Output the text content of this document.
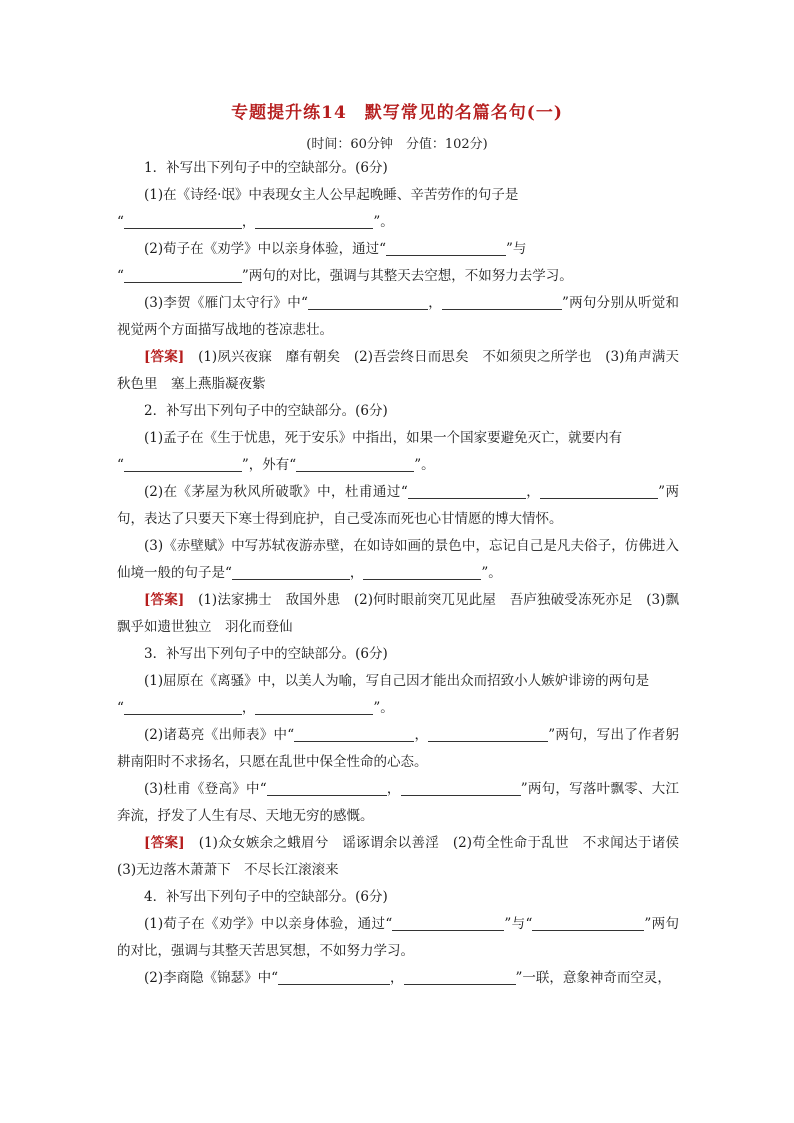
专题提升练14　默写常见的名篇名句(一)
(时间：60分钟　分值：102分)

1．补写出下列句子中的空缺部分。(6分)

(1)在《诗经·氓》中表现女主人公早起晚睡、辛苦劳作的句子是

“	，	”。

(2)荀子在《劝学》中以亲身体验，通过“	”与

“	”两句的对比，强调与其整天去空想，不如努力去学习。

(3)李贺《雁门太守行》中“	，	”两句分别从听觉和视觉两个方面描写战地的苍凉悲壮。

[答案]　 (1)夙兴夜寐　靡有朝矣　(2)吾尝终日而思矣　不如须臾之所学也　(3)角声满天秋色里　塞上燕脂凝夜紫

2．补写出下列句子中的空缺部分。(6分)

(1)孟子在《生于忧患，死于安乐》中指出，如果一个国家要避免灭亡，就要内有

“	”，外有“	”。

(2)在《茅屋为秋风所破歌》中，杜甫通过“	，	”两句，表达了只要天下寒士得到庇护，自己受冻而死也心甘情愿的博大情怀。

(3)《赤壁赋》中写苏轼夜游赤壁，在如诗如画的景色中，忘记自己是凡夫俗子，仿佛进入仙境一般的句子是“	，	”。

[答案]　 (1)法家拂士　敌国外患　(2)何时眼前突兀见此屋　吾庐独破受冻死亦足　(3)飘飘乎如遗世独立　羽化而登仙

3．补写出下列句子中的空缺部分。(6分)

(1)屈原在《离骚》中，以美人为喻，写自己因才能出众而招致小人嫉妒诽谤的两句是

“	，	”。

(2)诸葛亮《出师表》中“	，	”两句，写出了作者躬耕南阳时不求扬名，只愿在乱世中保全性命的心态。

(3)杜甫《登高》中“	，	”两句，写落叶飘零、大江奔流，抒发了人生有尽、天地无穷的感慨。

[答案]　 (1)众女嫉余之蛾眉兮　谣诼谓余以善淫　(2)苟全性命于乱世　不求闻达于诸侯　(3)无边落木萧萧下　不尽长江滚滚来

4．补写出下列句子中的空缺部分。(6分)

(1)荀子在《劝学》中以亲身体验，通过“	”与“	”两句的对比，强调与其整天苦思冥想，不如努力学习。

(2)李商隐《锦瑟》中“	，	”一联，意象神奇而空灵，
